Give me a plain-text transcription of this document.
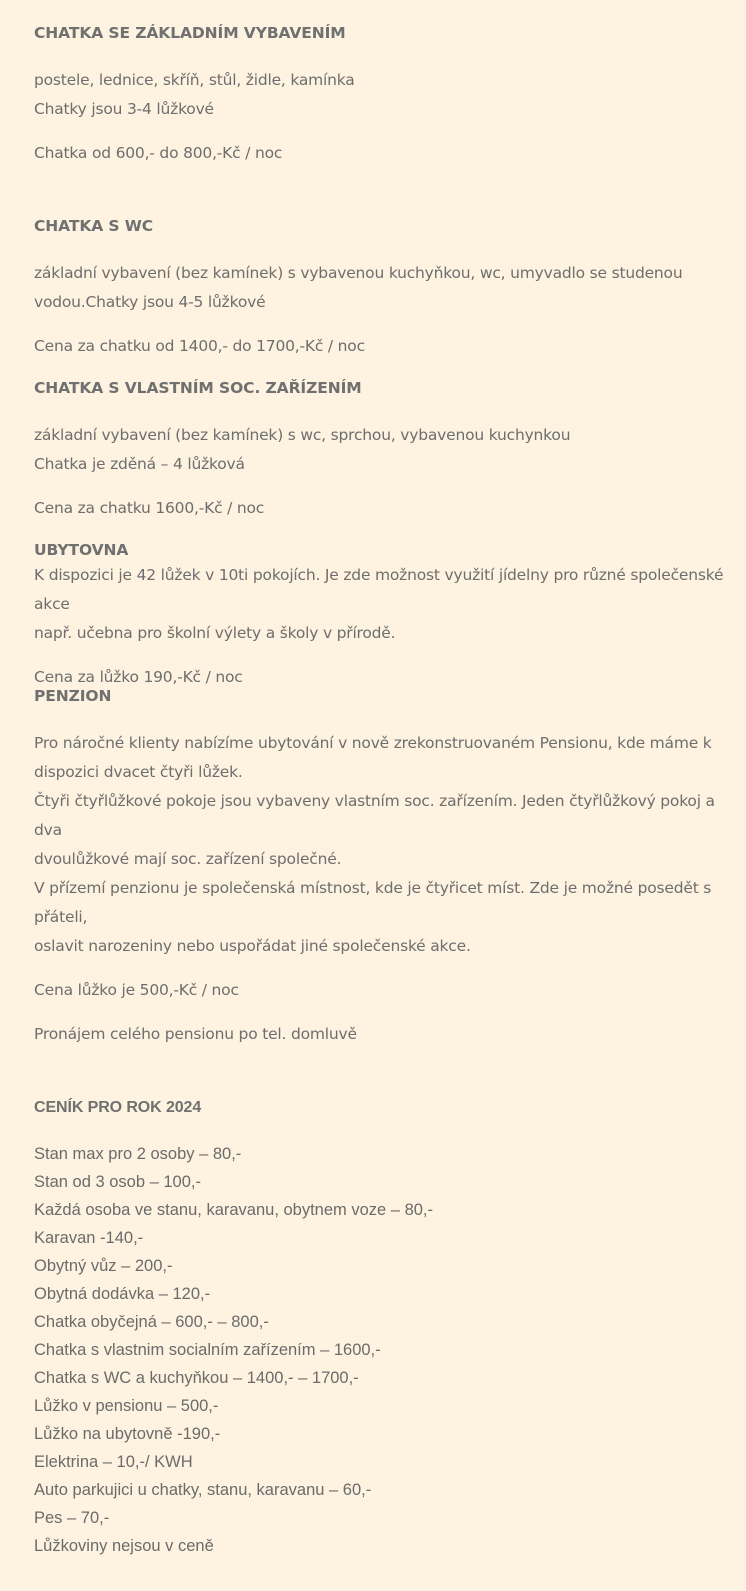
CHATKA SE ZÁKLADNÍM VYBAVENÍM

postele, lednice, skříň, stůl, židle, kamínka

Chatky jsou 3-4 lůžkové

Chatka od 600,- do 800,-Kč / noc

CHATKA S WC

základní vybavení (bez kamínek) s vybavenou kuchyňkou, wc, umyvadlo se studenou

vodou.Chatky jsou 4-5 lůžkové

Cena za chatku od 1400,- do 1700,-Kč / noc

CHATKA S VLASTNÍM SOC. ZAŘÍZENÍM

základní vybavení (bez kamínek) s wc, sprchou, vybavenou kuchynkou

Chatka je zděná – 4 lůžková

Cena za chatku 1600,-Kč / noc

UBYTOVNA

K dispozici je 42 lůžek v 10ti pokojích. Je zde možnost využití jídelny pro různé společenské akce

např. učebna pro školní výlety a školy v přírodě.

Cena za lůžko 190,-Kč / noc

PENZION

Pro náročné klienty nabízíme ubytování v nově zrekonstruovaném Pensionu, kde máme k

dispozici dvacet čtyři lůžek.

Čtyři čtyřlůžkové pokoje jsou vybaveny vlastním soc. zařízením. Jeden čtyřlůžkový pokoj a dva

dvoulůžkové mají soc. zařízení společné.

V přízemí penzionu je společenská místnost, kde je čtyřicet míst. Zde je možné posedět s přáteli,

oslavit narozeniny nebo uspořádat jiné společenské akce.

Cena lůžko je 500,-Kč / noc

Pronájem celého pensionu po tel. domluvě

CENÍK PRO ROK 2024

Stan max pro 2 osoby – 80,-

Stan od 3 osob – 100,-

Každá osoba ve stanu, karavanu, obytnem voze – 80,-

Karavan -140,-

Obytný vůz – 200,-

Obytná dodávka – 120,-

Chatka obyčejná – 600,- – 800,-

Chatka s vlastnim socialním zařízením – 1600,-

Chatka s WC a kuchyňkou – 1400,- – 1700,-

Lůžko v pensionu – 500,-

Lůžko na ubytovně -190,-

Elektrina – 10,-/ KWH

Auto parkujici u chatky, stanu, karavanu – 60,-

Pes – 70,-

Lůžkoviny nejsou v ceně
